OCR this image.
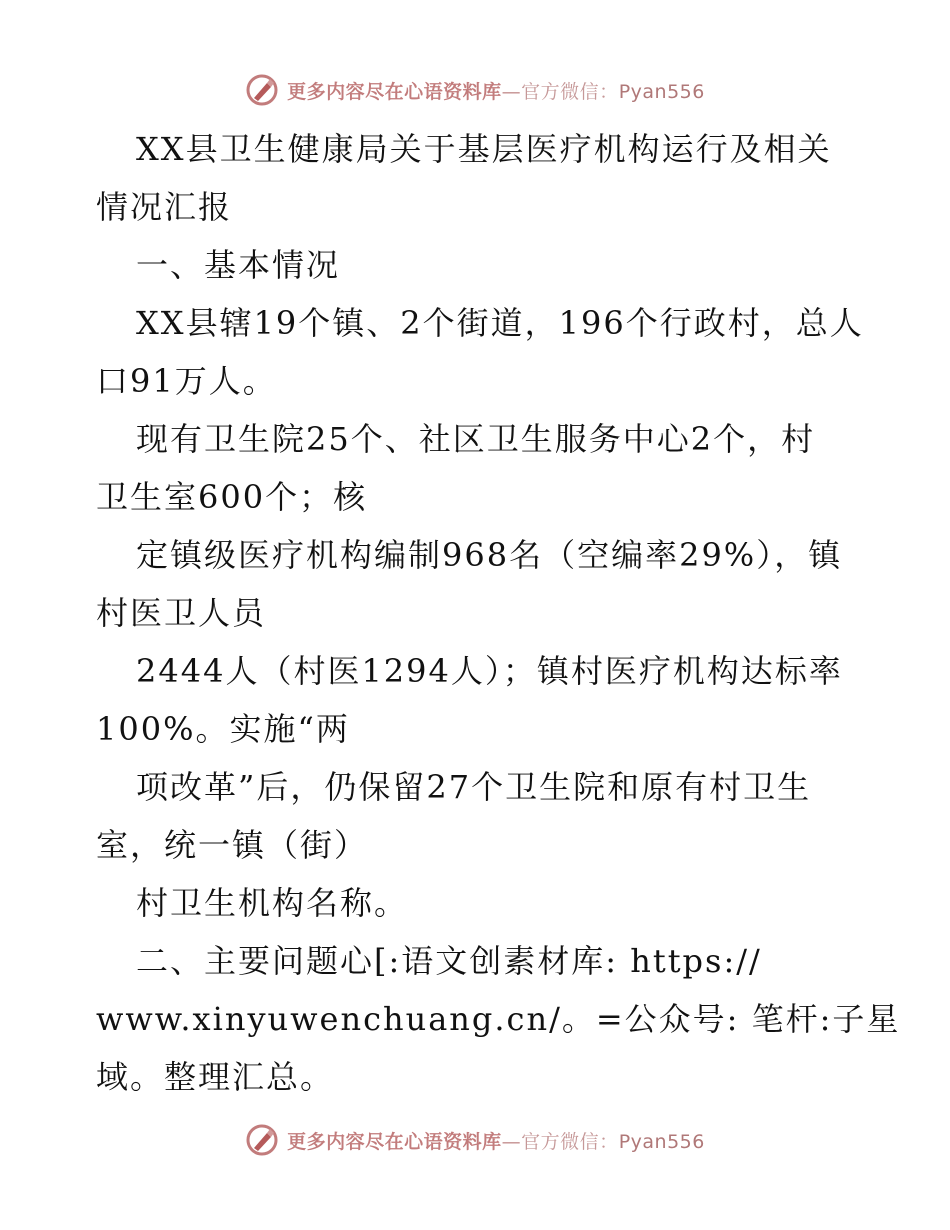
更多内容尽在心语资料库—官方微信：Pyan556
XX县卫生健康局关于基层医疗机构运行及相关
情况汇报
一、基本情况
XX县辖19个镇、2个街道，196个行政村，总人
口91万人。
现有卫生院25个、社区卫生服务中心2个，村
卫生室600个；核
定镇级医疗机构编制968名（空编率29%），镇
村医卫人员
2444人（村医1294人）；镇村医疗机构达标率
100%。实施“两
项改革”后，仍保留27个卫生院和原有村卫生
室，统一镇（街）
村卫生机构名称。
二、主要问题心[:语文创素材库: https://
www.xinyuwenchuang.cn/。=公众号: 笔杆:子星
域。整理汇总。
更多内容尽在心语资料库—官方微信：Pyan556
